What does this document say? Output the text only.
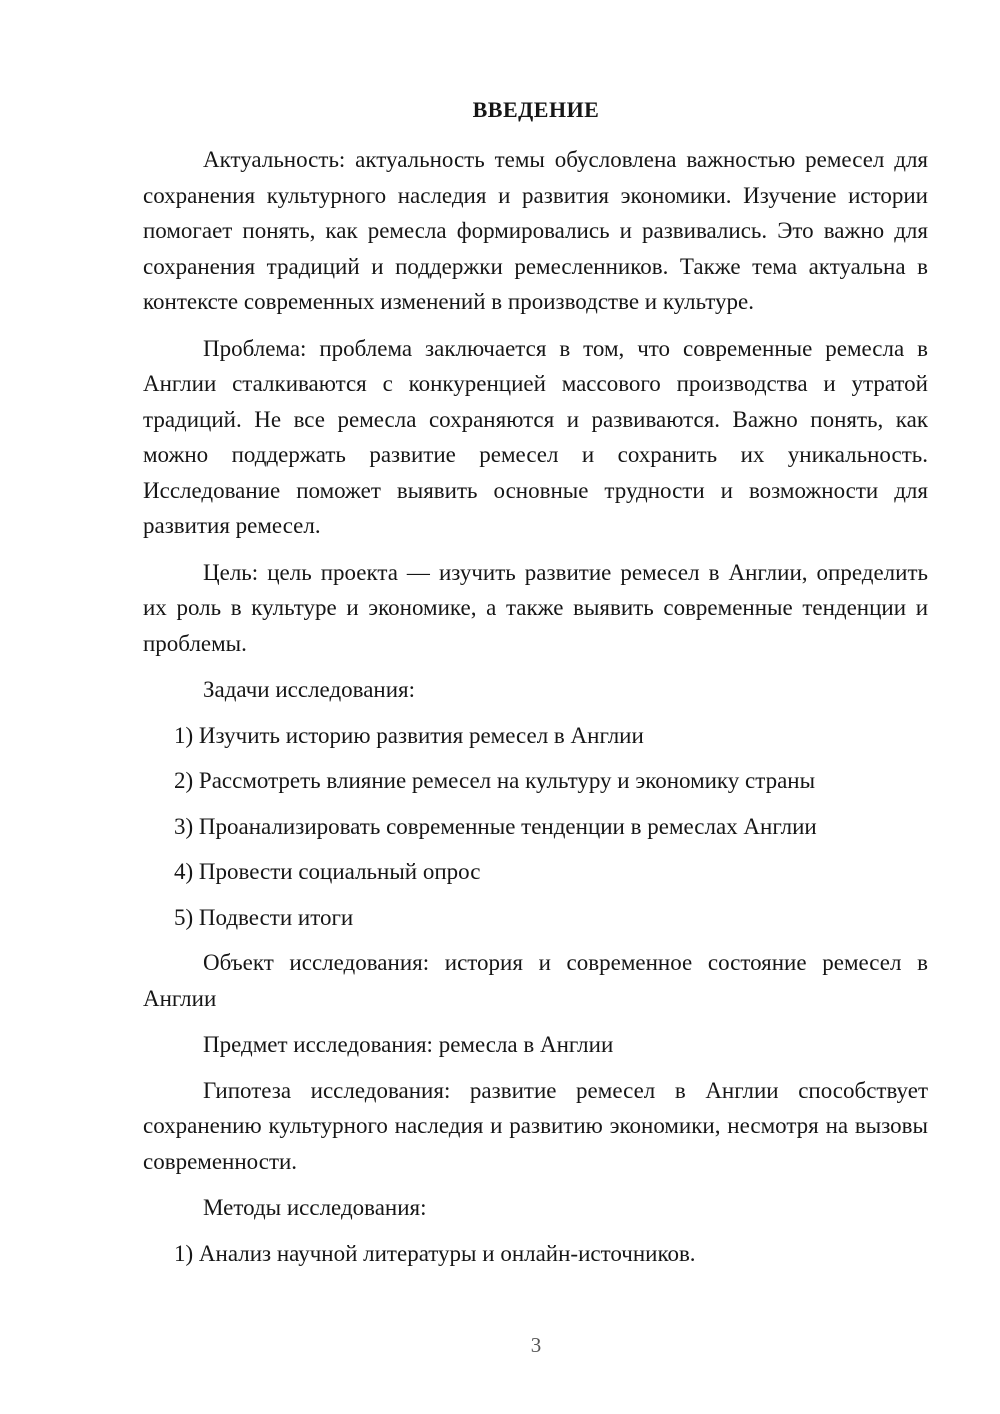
ВВЕДЕНИЕ

Актуальность: актуальность темы обусловлена важностью ремесел для сохранения культурного наследия и развития экономики. Изучение истории помогает понять, как ремесла формировались и развивались. Это важно для сохранения традиций и поддержки ремесленников. Также тема актуальна в контексте современных изменений в производстве и культуре.

Проблема: проблема заключается в том, что современные ремесла в Англии сталкиваются с конкуренцией массового производства и утратой традиций. Не все ремесла сохраняются и развиваются. Важно понять, как можно поддержать развитие ремесел и сохранить их уникальность. Исследование поможет выявить основные трудности и возможности для развития ремесел.

Цель: цель проекта — изучить развитие ремесел в Англии, определить их роль в культуре и экономике, а также выявить современные тенденции и проблемы.

Задачи исследования:

1) Изучить историю развития ремесел в Англии

2) Рассмотреть влияние ремесел на культуру и экономику страны

3) Проанализировать современные тенденции в ремеслах Англии

4) Провести социальный опрос

5) Подвести итоги

Объект исследования: история и современное состояние ремесел в Англии

Предмет исследования: ремесла в Англии

Гипотеза исследования: развитие ремесел в Англии способствует сохранению культурного наследия и развитию экономики, несмотря на вызовы современности.

Методы исследования:

1) Анализ научной литературы и онлайн-источников.

3
